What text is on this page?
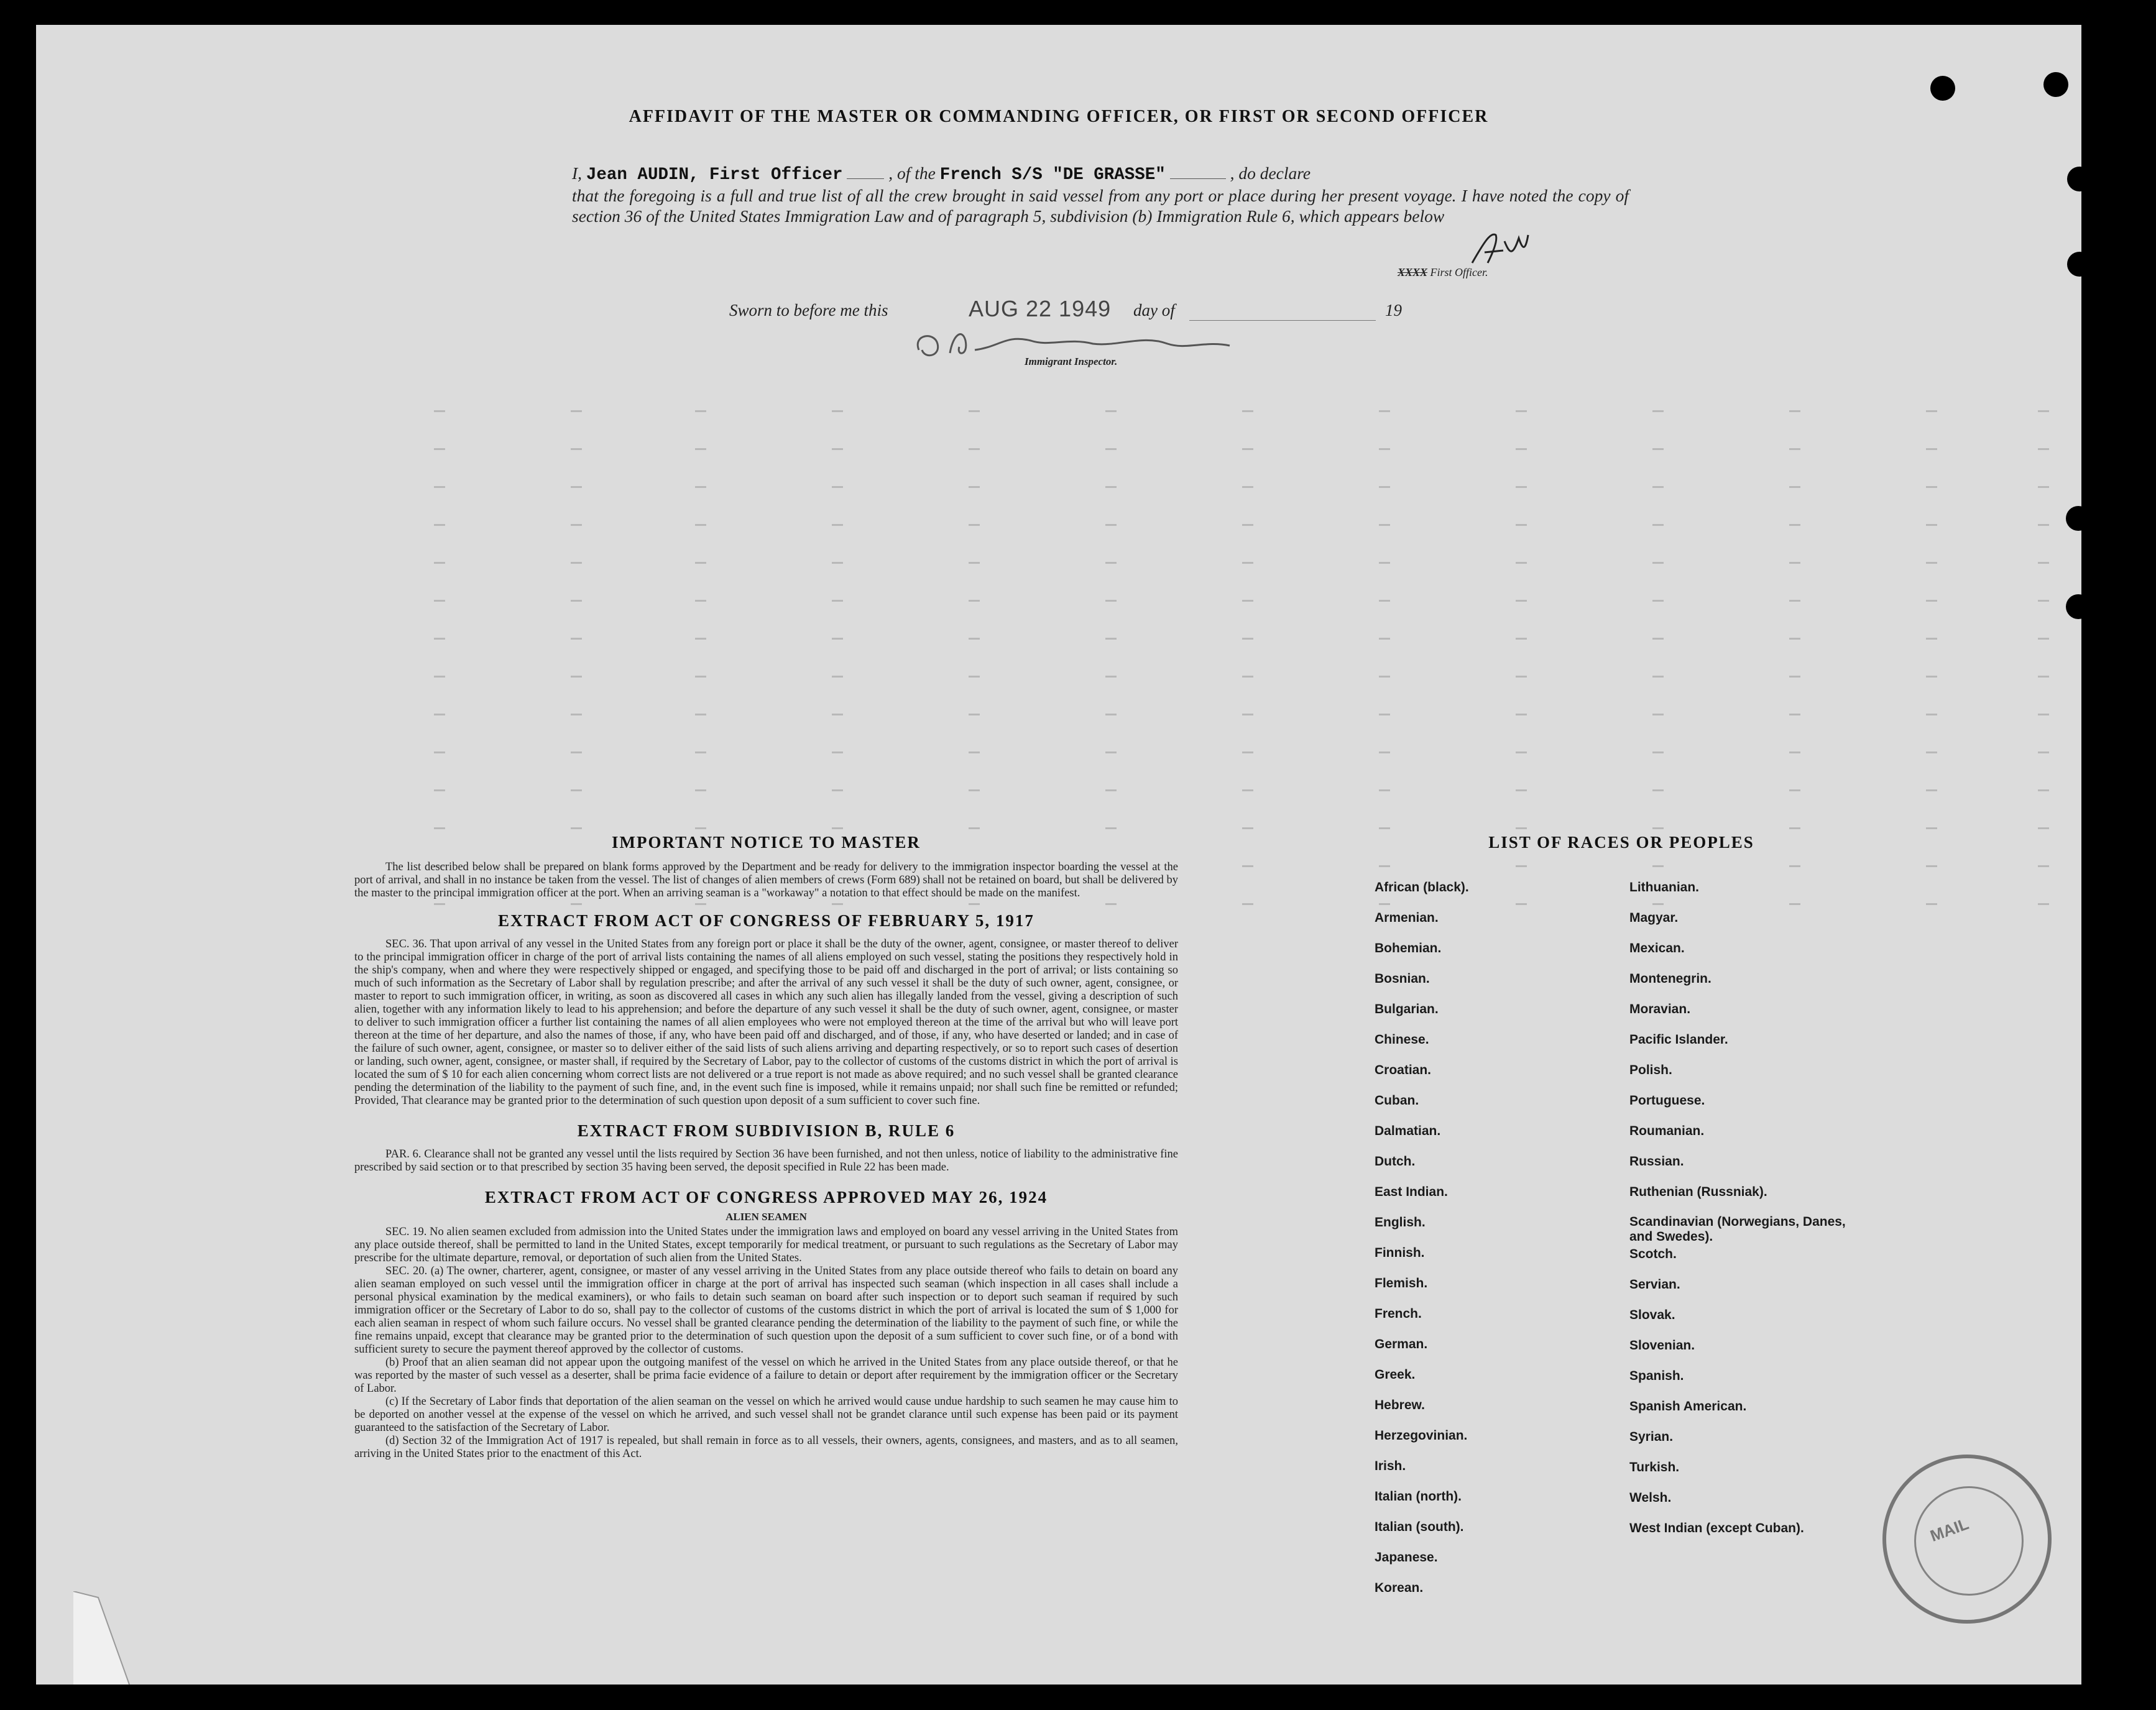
AFFIDAVIT OF THE MASTER OR COMMANDING OFFICER, OR FIRST OR SECOND OFFICER
I, Jean AUDIN, First Officer	, of the French S/S "DE GRASSE"	, do declare
that the foregoing is a full and true list of all the crew brought in said vessel from any port or place during her present voyage. I have noted the copy of section 36 of the United States Immigration Law and of paragraph 5, subdivision (b) Immigration Rule 6, which appears below
XXXX First Officer.
Sworn to before me this	AUG 22 1949 day of	19
Immigrant Inspector.
IMPORTANT NOTICE TO MASTER
The list described below shall be prepared on blank forms approved by the Department and be ready for delivery to the immigration inspector boarding the vessel at the port of arrival, and shall in no instance be taken from the vessel. The list of changes of alien members of crews (Form 689) shall not be retained on board, but shall be delivered by the master to the principal immigration officer at the port. When an arriving seaman is a "workaway" a notation to that effect should be made on the manifest.
EXTRACT FROM ACT OF CONGRESS OF FEBRUARY 5, 1917
SEC. 36. That upon arrival of any vessel in the United States from any foreign port or place it shall be the duty of the owner, agent, consignee, or master thereof to deliver to the principal immigration officer in charge of the port of arrival lists containing the names of all aliens employed on such vessel, stating the positions they respectively hold in the ship's company, when and where they were respectively shipped or engaged, and specifying those to be paid off and discharged in the port of arrival; or lists containing so much of such information as the Secretary of Labor shall by regulation prescribe; and after the arrival of any such vessel it shall be the duty of such owner, agent, consignee, or master to report to such immigration officer, in writing, as soon as discovered all cases in which any such alien has illegally landed from the vessel, giving a description of such alien, together with any information likely to lead to his apprehension; and before the departure of any such vessel it shall be the duty of such owner, agent, consignee, or master to deliver to such immigration officer a further list containing the names of all alien employees who were not employed thereon at the time of the arrival but who will leave port thereon at the time of her departure, and also the names of those, if any, who have been paid off and discharged, and of those, if any, who have deserted or landed; and in case of the failure of such owner, agent, consignee, or master so to deliver either of the said lists of such aliens arriving and departing respectively, or so to report such cases of desertion or landing, such owner, agent, consignee, or master shall, if required by the Secretary of Labor, pay to the collector of customs of the customs district in which the port of arrival is located the sum of $ 10 for each alien concerning whom correct lists are not delivered or a true report is not made as above required; and no such vessel shall be granted clearance pending the determination of the liability to the payment of such fine, and, in the event such fine is imposed, while it remains unpaid; nor shall such fine be remitted or refunded; Provided, That clearance may be granted prior to the determination of such question upon deposit of a sum sufficient to cover such fine.
EXTRACT FROM SUBDIVISION B, RULE 6
PAR. 6. Clearance shall not be granted any vessel until the lists required by Section 36 have been furnished, and not then unless, notice of liability to the administrative fine prescribed by said section or to that prescribed by section 35 having been served, the deposit specified in Rule 22 has been made.
EXTRACT FROM ACT OF CONGRESS APPROVED MAY 26, 1924
ALIEN SEAMEN
SEC. 19. No alien seamen excluded from admission into the United States under the immigration laws and employed on board any vessel arriving in the United States from any place outside thereof, shall be permitted to land in the United States, except temporarily for medical treatment, or pursuant to such regulations as the Secretary of Labor may prescribe for the ultimate departure, removal, or deportation of such alien from the United States.
SEC. 20. (a) The owner, charterer, agent, consignee, or master of any vessel arriving in the United States from any place outside thereof who fails to detain on board any alien seaman employed on such vessel until the immigration officer in charge at the port of arrival has inspected such seaman (which inspection in all cases shall include a personal physical examination by the medical examiners), or who fails to detain such seaman on board after such inspection or to deport such seaman if required by such immigration officer or the Secretary of Labor to do so, shall pay to the collector of customs of the customs district in which the port of arrival is located the sum of $ 1,000 for each alien seaman in respect of whom such failure occurs. No vessel shall be granted clearance pending the determination of the liability to the payment of such fine, or while the fine remains unpaid, except that clearance may be granted prior to the determination of such question upon the deposit of a sum sufficient to cover such fine, or of a bond with sufficient surety to secure the payment thereof approved by the collector of customs.
(b) Proof that an alien seaman did not appear upon the outgoing manifest of the vessel on which he arrived in the United States from any place outside thereof, or that he was reported by the master of such vessel as a deserter, shall be prima facie evidence of a failure to detain or deport after requirement by the immigration officer or the Secretary of Labor.
(c) If the Secretary of Labor finds that deportation of the alien seaman on the vessel on which he arrived would cause undue hardship to such seamen he may cause him to be deported on another vessel at the expense of the vessel on which he arrived, and such vessel shall not be grandet clarance until such expense has been paid or its payment guaranteed to the satisfaction of the Secretary of Labor.
(d) Section 32 of the Immigration Act of 1917 is repealed, but shall remain in force as to all vessels, their owners, agents, consignees, and masters, and as to all seamen, arriving in the United States prior to the enactment of this Act.
LIST OF RACES OR PEOPLES
African (black).
Armenian.
Bohemian.
Bosnian.
Bulgarian.
Chinese.
Croatian.
Cuban.
Dalmatian.
Dutch.
East Indian.
English.
Finnish.
Flemish.
French.
German.
Greek.
Hebrew.
Herzegovinian.
Irish.
Italian (north).
Italian (south).
Japanese.
Korean.
Lithuanian.
Magyar.
Mexican.
Montenegrin.
Moravian.
Pacific Islander.
Polish.
Portuguese.
Roumanian.
Russian.
Ruthenian (Russniak).
Scandinavian (Norwegians, Danes, and Swedes).
Scotch.
Servian.
Slovak.
Slovenian.
Spanish.
Spanish American.
Syrian.
Turkish.
Welsh.
West Indian (except Cuban).	MAIL
